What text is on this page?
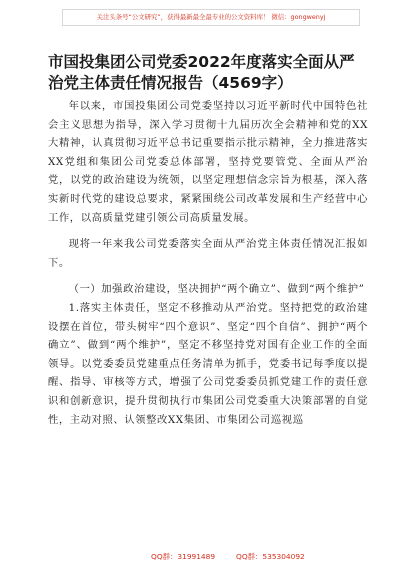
关注头条号“公文研究”，获得最新最全最专业的公文资料库！ 微信：gongwenyj
市国投集团公司党委2022年度落实全面从严治党主体责任情况报告（4569字）

年以来，市国投集团公司党委坚持以习近平新时代中国特色社会主义思想为指导，深入学习贯彻十九届历次全会精神和党的XX大精神，认真贯彻习近平总书记重要指示批示精神，全力推进落实XX党组和集团公司党委总体部署，坚持党要管党、全面从严治党，以党的政治建设为统领，以坚定理想信念宗旨为根基，深入落实新时代党的建设总要求，紧紧围绕公司改革发展和生产经营中心工作，以高质量党建引领公司高质量发展。

现将一年来我公司党委落实全面从严治党主体责任情况汇报如下。

（一）加强政治建设，坚决拥护“两个确立”、做到“两个维护”

1.落实主体责任，坚定不移推动从严治党。坚持把党的政治建设摆在首位，带头树牢“四个意识”、坚定“四个自信”、拥护“两个确立”、做到“两个维护”，坚定不移坚持党对国有企业工作的全面领导。以党委委员党建重点任务清单为抓手，党委书记每季度以提醒、指导、审核等方式，增强了公司党委委员抓党建工作的责任意识和创新意识，提升贯彻执行市集团公司党委重大决策部署的自觉性，主动对照、认领整改XX集团、市集团公司巡视巡

QQ群：31991489	QQ群：535304092
